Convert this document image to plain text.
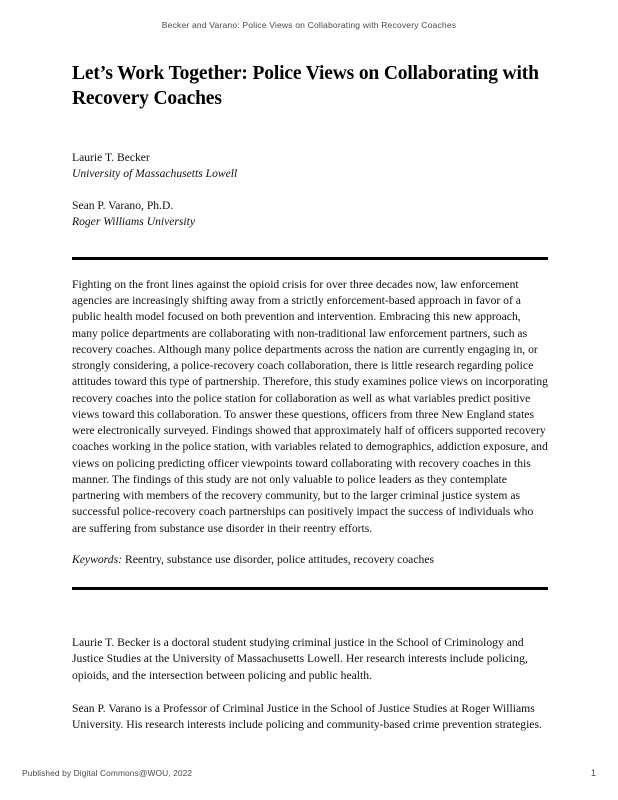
Becker and Varano: Police Views on Collaborating with Recovery Coaches
Let’s Work Together: Police Views on Collaborating with Recovery Coaches
Laurie T. Becker
University of Massachusetts Lowell
Sean P. Varano, Ph.D.
Roger Williams University

Fighting on the front lines against the opioid crisis for over three decades now, law enforcement agencies are increasingly shifting away from a strictly enforcement-based approach in favor of a public health model focused on both prevention and intervention. Embracing this new approach, many police departments are collaborating with non-traditional law enforcement partners, such as recovery coaches. Although many police departments across the nation are currently engaging in, or strongly considering, a police-recovery coach collaboration, there is little research regarding police attitudes toward this type of partnership. Therefore, this study examines police views on incorporating recovery coaches into the police station for collaboration as well as what variables predict positive views toward this collaboration. To answer these questions, officers from three New England states were electronically surveyed. Findings showed that approximately half of officers supported recovery coaches working in the police station, with variables related to demographics, addiction exposure, and views on policing predicting officer viewpoints toward collaborating with recovery coaches in this manner. The findings of this study are not only valuable to police leaders as they contemplate partnering with members of the recovery community, but to the larger criminal justice system as successful police-recovery coach partnerships can positively impact the success of individuals who are suffering from substance use disorder in their reentry efforts.

Keywords: Reentry, substance use disorder, police attitudes, recovery coaches

Laurie T. Becker is a doctoral student studying criminal justice in the School of Criminology and Justice Studies at the University of Massachusetts Lowell. Her research interests include policing, opioids, and the intersection between policing and public health.

Sean P. Varano is a Professor of Criminal Justice in the School of Justice Studies at Roger Williams University. His research interests include policing and community-based crime prevention strategies.

Published by Digital Commons@WOU, 2022	1
